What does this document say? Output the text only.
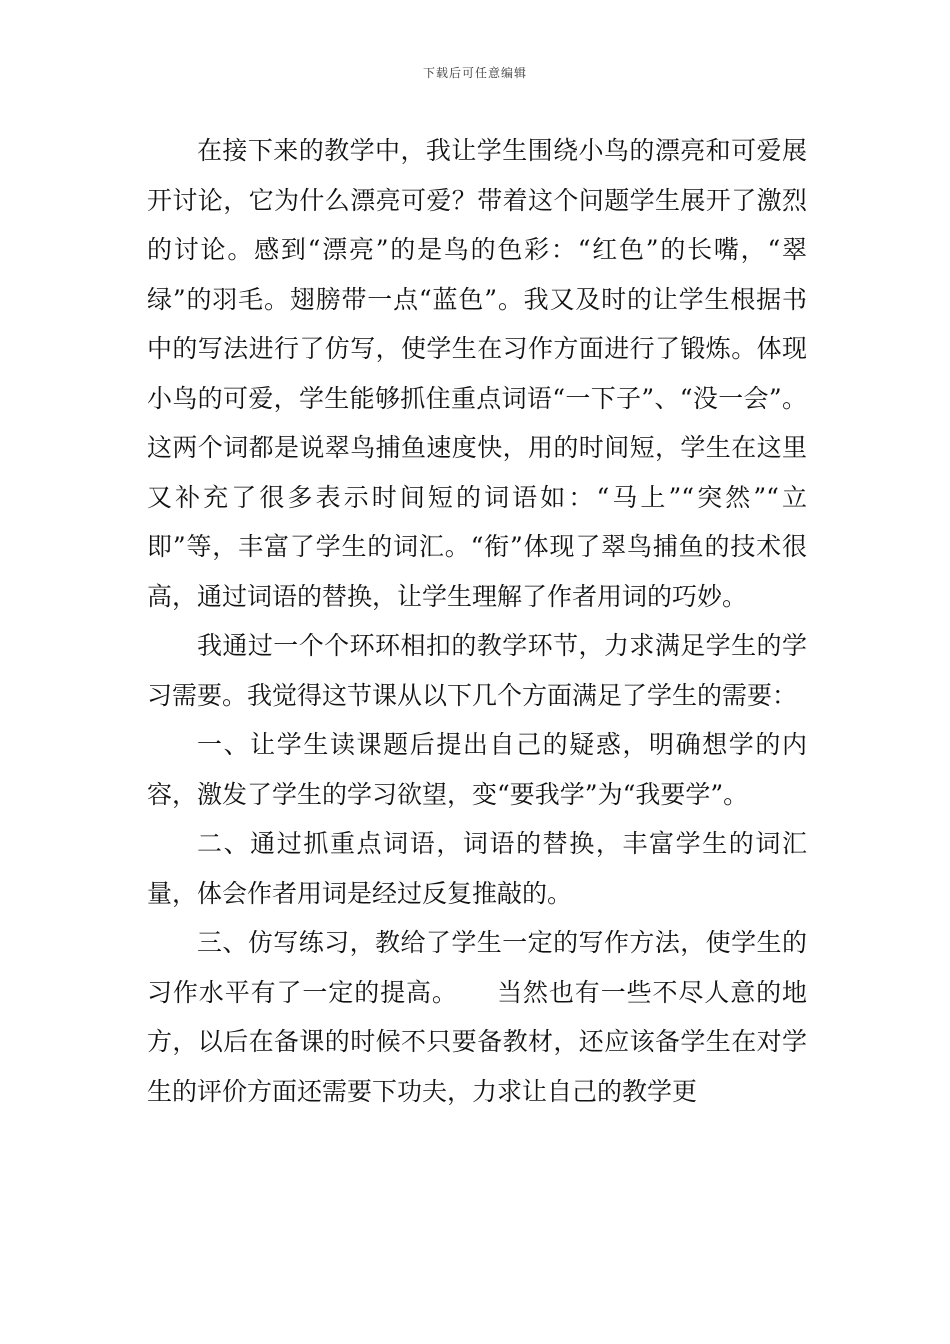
下载后可任意编辑

在接下来的教学中，我让学生围绕小鸟的漂亮和可爱展开讨论，它为什么漂亮可爱？带着这个问题学生展开了激烈的讨论。感到“漂亮”的是鸟的色彩：“红色”的长嘴，“翠绿”的羽毛。翅膀带一点“蓝色”。我又及时的让学生根据书中的写法进行了仿写，使学生在习作方面进行了锻炼。体现小鸟的可爱，学生能够抓住重点词语“一下子”、“没一会”。这两个词都是说翠鸟捕鱼速度快，用的时间短，学生在这里又补充了很多表示时间短的词语如：“马上”“突然”“立即”等，丰富了学生的词汇。“衔”体现了翠鸟捕鱼的技术很高，通过词语的替换，让学生理解了作者用词的巧妙。

我通过一个个环环相扣的教学环节，力求满足学生的学习需要。我觉得这节课从以下几个方面满足了学生的需要：

一、让学生读课题后提出自己的疑惑，明确想学的内容，激发了学生的学习欲望，变“要我学”为“我要学”。

二、通过抓重点词语，词语的替换，丰富学生的词汇量，体会作者用词是经过反复推敲的。

三、仿写练习，教给了学生一定的写作方法，使学生的习作水平有了一定的提高。　　当然也有一些不尽人意的地方，以后在备课的时候不只要备教材，还应该备学生在对学生的评价方面还需要下功夫，力求让自己的教学更
